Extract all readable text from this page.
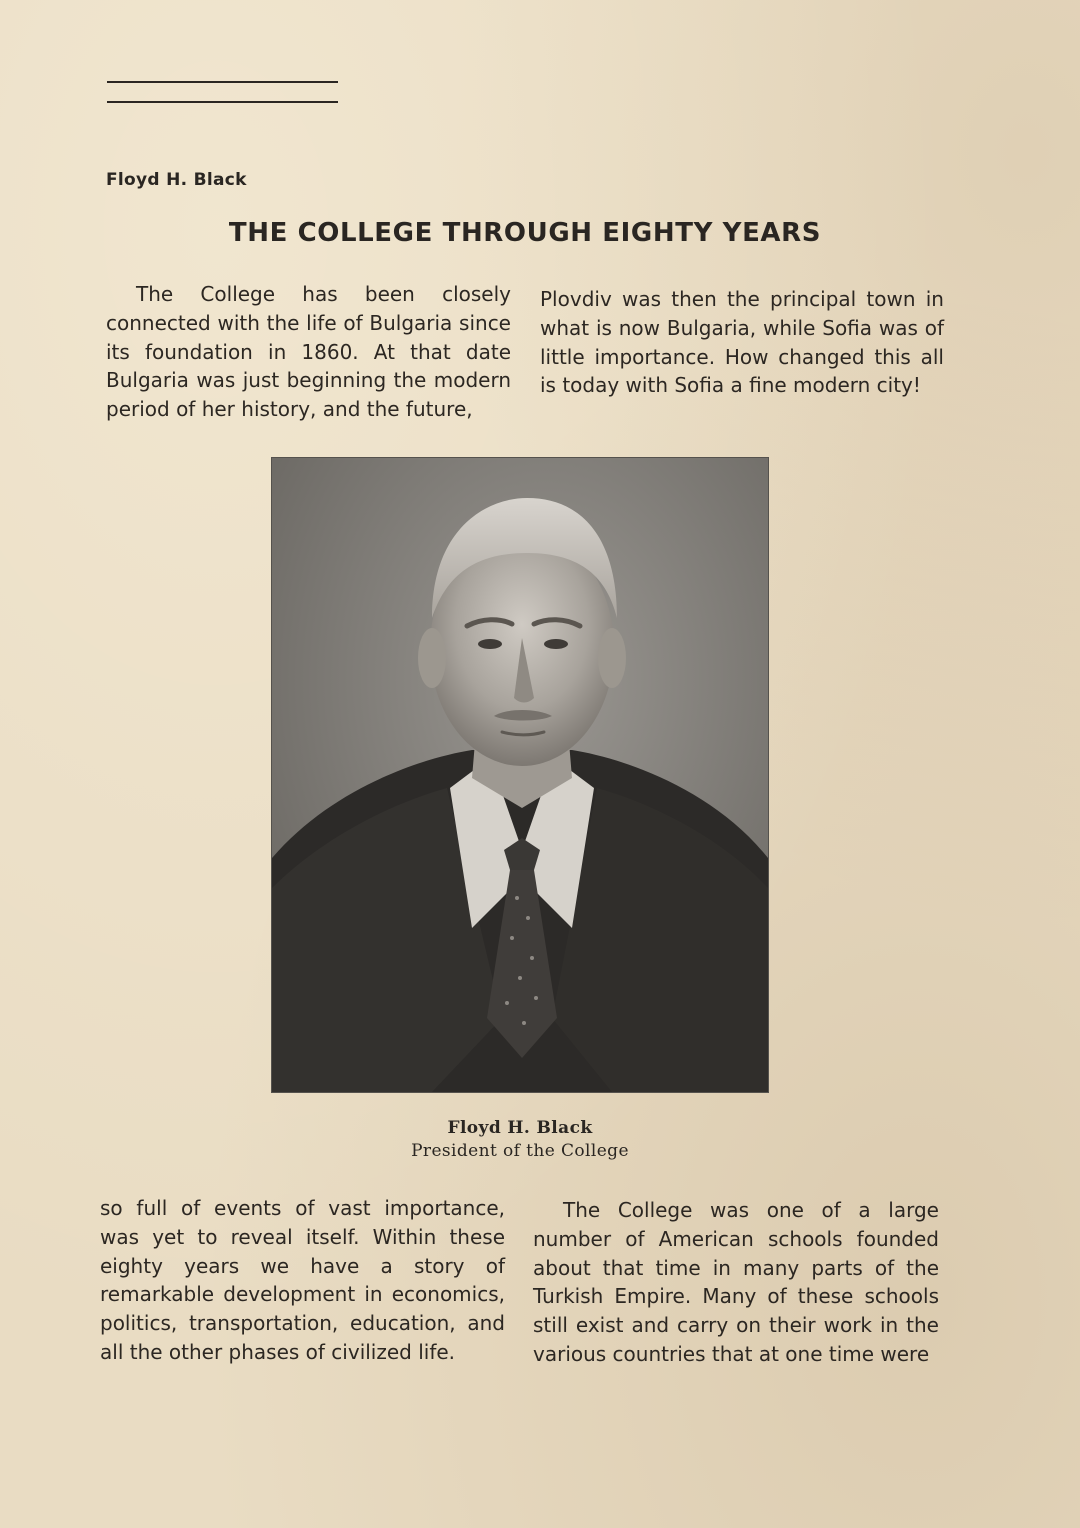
Floyd H. Black
THE COLLEGE THROUGH EIGHTY YEARS

The College has been closely connected with the life of Bulgaria since its foundation in 1860. At that date Bulgaria was just beginning the modern period of her history, and the future,

Plovdiv was then the principal town in what is now Bulgaria, while Sofia was of little importance. How changed this all is today with Sofia a fine modern city!

Floyd H. Black
President of the College

so full of events of vast importance, was yet to reveal itself. Within these eighty years we have a story of remarkable development in economics, politics, transportation, education, and all the other phases of civilized life.

The College was one of a large number of American schools founded about that time in many parts of the Turkish Empire. Many of these schools still exist and carry on their work in the various countries that at one time were
